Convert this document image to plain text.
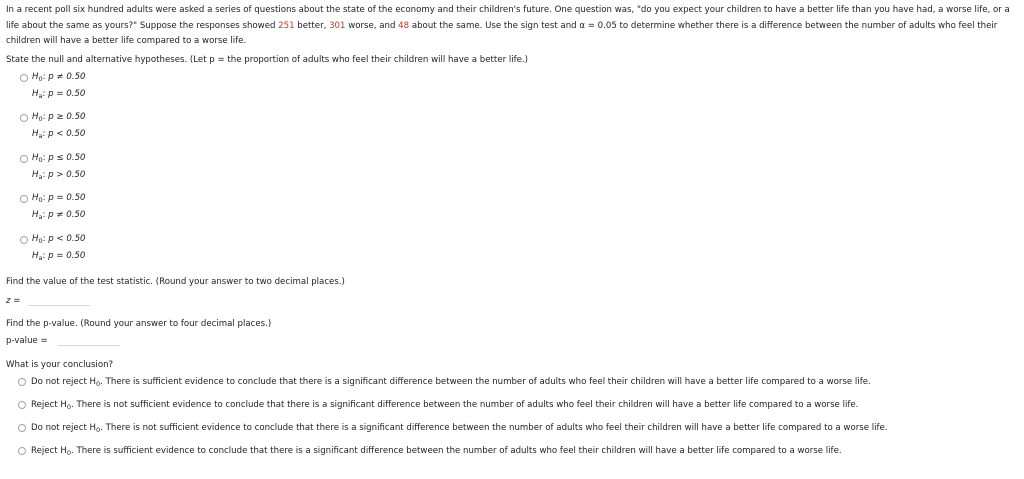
In a recent poll six hundred adults were asked a series of questions about the state of the economy and their children's future. One question was, "do you expect your children to have a better life than you have had, a worse life, or a life about the same as yours?" Suppose the responses showed 251 better, 301 worse, and 48 about the same. Use the sign test and α = 0.05 to determine whether there is a difference between the number of adults who feel their children will have a better life compared to a worse life.
State the null and alternative hypotheses. (Let p = the proportion of adults who feel their children will have a better life.)
$H_0$: p ≠ 0.50
$H_a$: p = 0.50
$H_0$: p ≥ 0.50
$H_a$: p < 0.50
$H_0$: p ≤ 0.50
$H_a$: p > 0.50
$H_0$: p = 0.50
$H_a$: p ≠ 0.50
$H_0$: p < 0.50
$H_a$: p = 0.50
Find the value of the test statistic. (Round your answer to two decimal places.)
z =
Find the p-value. (Round your answer to four decimal places.)
p-value =
What is your conclusion?
Do not reject $H_0$. There is sufficient evidence to conclude that there is a significant difference between the number of adults who feel their children will have a better life compared to a worse life.
Reject $H_0$. There is not sufficient evidence to conclude that there is a significant difference between the number of adults who feel their children will have a better life compared to a worse life.
Do not reject $H_0$. There is not sufficient evidence to conclude that there is a significant difference between the number of adults who feel their children will have a better life compared to a worse life.
Reject $H_0$. There is sufficient evidence to conclude that there is a significant difference between the number of adults who feel their children will have a better life compared to a worse life.
